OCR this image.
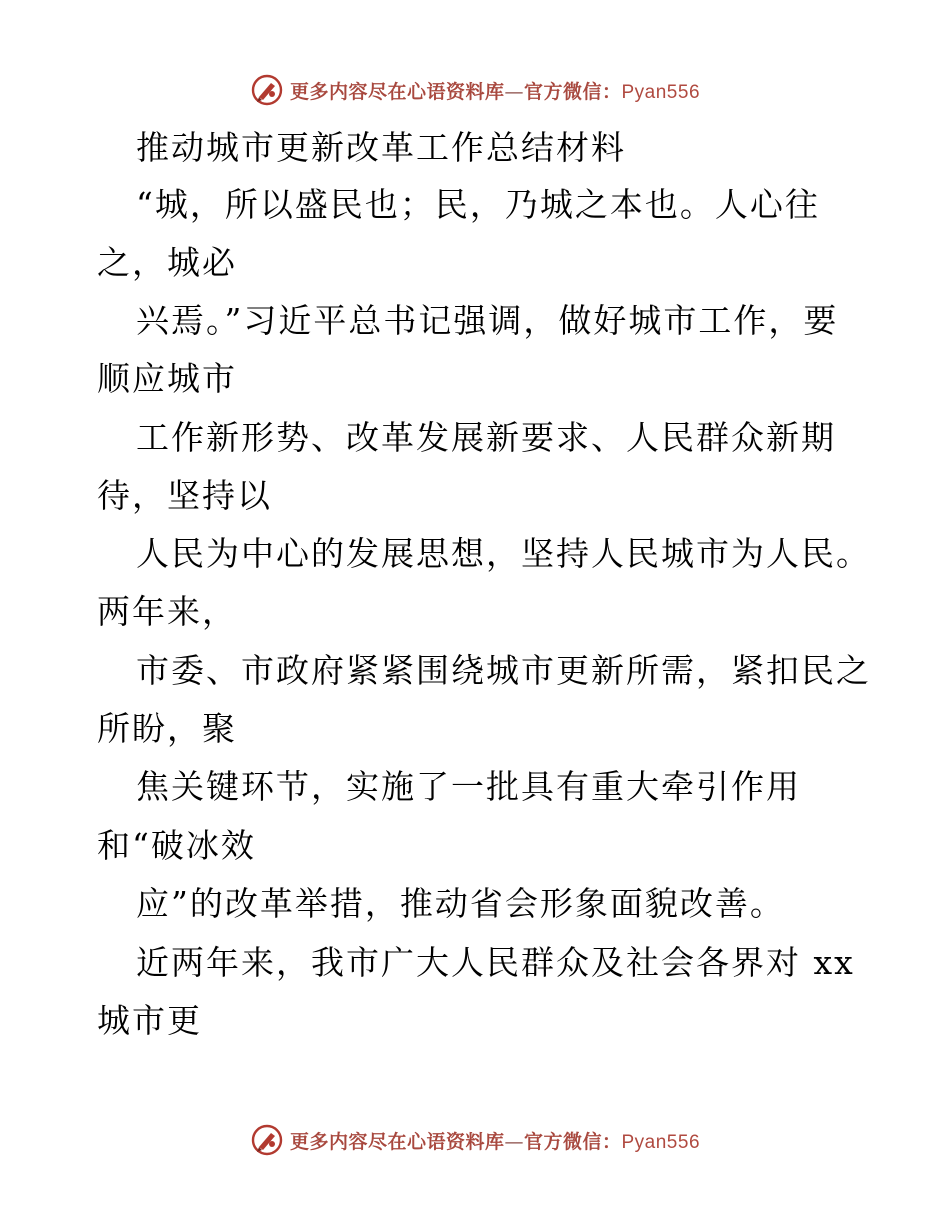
更多内容尽在心语资料库—官方微信：Pyan556
推动城市更新改革工作总结材料
“城，所以盛民也；民，乃城之本也。人心往
之，城必
兴焉。”习近平总书记强调，做好城市工作，要
顺应城市
工作新形势、改革发展新要求、人民群众新期
待，坚持以
人民为中心的发展思想，坚持人民城市为人民。
两年来，
市委、市政府紧紧围绕城市更新所需，紧扣民之
所盼，聚
焦关键环节，实施了一批具有重大牵引作用
和“破冰效
应”的改革举措，推动省会形象面貌改善。
近两年来，我市广大人民群众及社会各界对 xx
城市更
更多内容尽在心语资料库—官方微信：Pyan556
